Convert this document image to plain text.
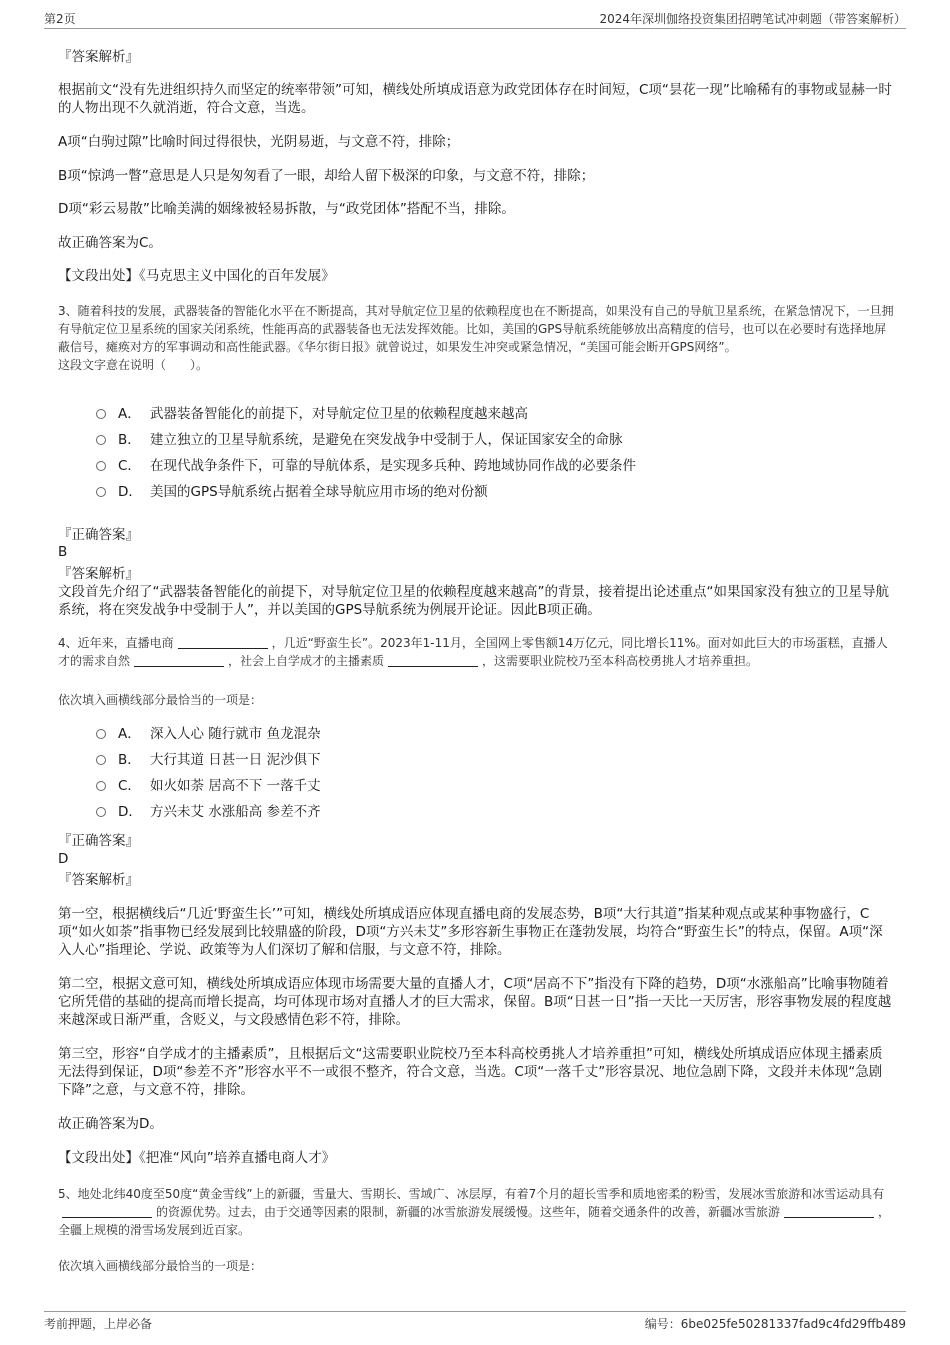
第2页	2024年深圳伽络投资集团招聘笔试冲刺题（带答案解析）
『答案解析』
根据前文“没有先进组织持久而坚定的统率带领”可知，横线处所填成语意为政党团体存在时间短，C项“昙花一现”比喻稀有的事物或显赫一时的人物出现不久就消逝，符合文意，当选。
A项“白驹过隙”比喻时间过得很快，光阴易逝，与文意不符，排除；
B项“惊鸿一瞥”意思是人只是匆匆看了一眼，却给人留下极深的印象，与文意不符，排除；
D项“彩云易散”比喻美满的姻缘被轻易拆散，与“政党团体”搭配不当，排除。
故正确答案为C。
【文段出处】《马克思主义中国化的百年发展》
3、随着科技的发展，武器装备的智能化水平在不断提高，其对导航定位卫星的依赖程度也在不断提高，如果没有自己的导航卫星系统，在紧急情况下，一旦拥有导航定位卫星系统的国家关闭系统，性能再高的武器装备也无法发挥效能。比如，美国的GPS导航系统能够放出高精度的信号，也可以在必要时有选择地屏蔽信号，瘫痪对方的军事调动和高性能武器。《华尔街日报》就曾说过，如果发生冲突或紧急情况，“美国可能会断开GPS网络”。
这段文字意在说明（　　）。
A． 武器装备智能化的前提下，对导航定位卫星的依赖程度越来越高
B． 建立独立的卫星导航系统，是避免在突发战争中受制于人，保证国家安全的命脉
C． 在现代战争条件下，可靠的导航体系，是实现多兵种、跨地域协同作战的必要条件
D． 美国的GPS导航系统占据着全球导航应用市场的绝对份额
『正确答案』
B
『答案解析』
文段首先介绍了“武器装备智能化的前提下，对导航定位卫星的依赖程度越来越高”的背景，接着提出论述重点“如果国家没有独立的卫星导航系统，将在突发战争中受制于人”，并以美国的GPS导航系统为例展开论证。因此B项正确。
4、近年来，直播电商	，几近“野蛮生长”。2023年1-11月，全国网上零售额14万亿元，同比增长11%。面对如此巨大的市场蛋糕，直播人才的需求自然	，社会上自学成才的主播素质	，这需要职业院校乃至本科高校勇挑人才培养重担。
依次填入画横线部分最恰当的一项是：
A． 深入人心 随行就市 鱼龙混杂
B． 大行其道 日甚一日 泥沙俱下
C． 如火如荼 居高不下 一落千丈
D． 方兴未艾 水涨船高 参差不齐
『正确答案』
D
『答案解析』
第一空，根据横线后“几近‘野蛮生长’”可知，横线处所填成语应体现直播电商的发展态势，B项“大行其道”指某种观点或某种事物盛行，C项“如火如荼”指事物已经发展到比较鼎盛的阶段，D项“方兴未艾”多形容新生事物正在蓬勃发展，均符合“野蛮生长”的特点，保留。A项“深入人心”指理论、学说、政策等为人们深切了解和信服，与文意不符，排除。
第二空，根据文意可知，横线处所填成语应体现市场需要大量的直播人才，C项“居高不下”指没有下降的趋势，D项“水涨船高”比喻事物随着它所凭借的基础的提高而增长提高，均可体现市场对直播人才的巨大需求，保留。B项“日甚一日”指一天比一天厉害，形容事物发展的程度越来越深或日渐严重，含贬义，与文段感情色彩不符，排除。
第三空，形容“自学成才的主播素质”，且根据后文“这需要职业院校乃至本科高校勇挑人才培养重担”可知，横线处所填成语应体现主播素质无法得到保证，D项“参差不齐”形容水平不一或很不整齐，符合文意，当选。C项“一落千丈”形容景况、地位急剧下降，文段并未体现“急剧下降”之意，与文意不符，排除。
故正确答案为D。
【文段出处】《把准“风向”培养直播电商人才》
5、地处北纬40度至50度“黄金雪线”上的新疆，雪量大、雪期长、雪域广、冰层厚，有着7个月的超长雪季和质地密柔的粉雪，发展冰雪旅游和冰雪运动具有的资源优势。过去，由于交通等因素的限制，新疆的冰雪旅游发展缓慢。这些年，随着交通条件的改善，新疆冰雪旅游	，全疆上规模的滑雪场发展到近百家。
依次填入画横线部分最恰当的一项是：
考前押题，上岸必备	编号：6be025fe50281337fad9c4fd29ffb489
